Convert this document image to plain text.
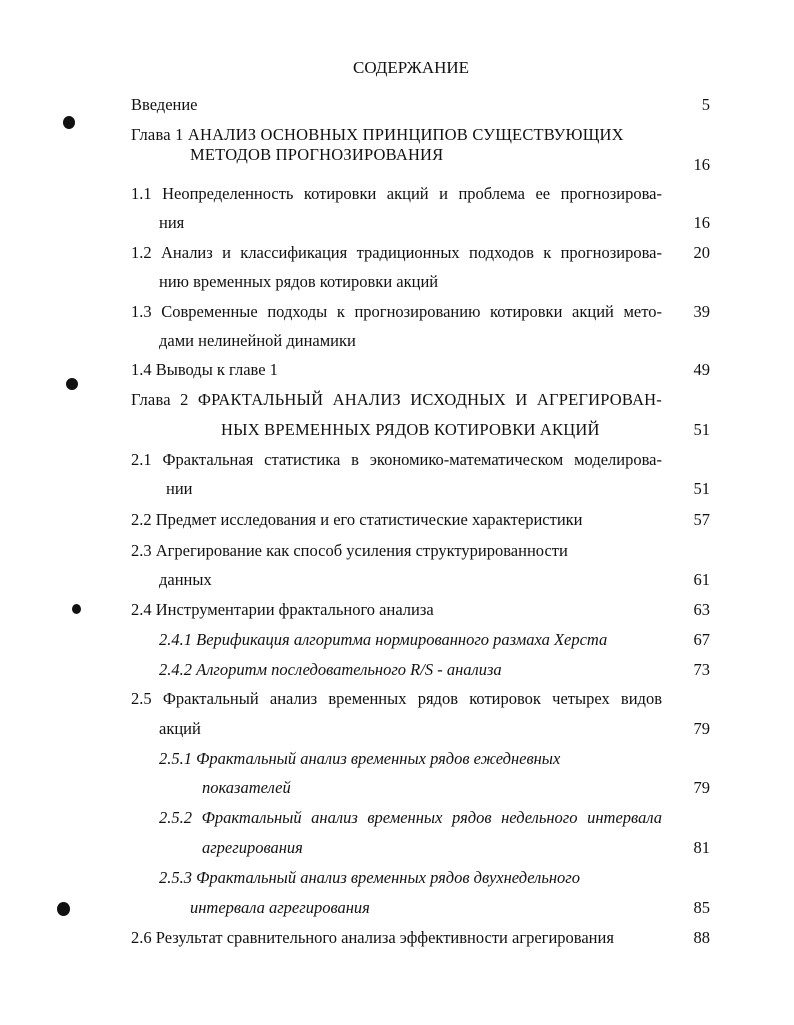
СОДЕРЖАНИЕ
Введение	5
Глава 1 АНАЛИЗ ОСНОВНЫХ ПРИНЦИПОВ СУЩЕСТВУЮЩИХ
МЕТОДОВ ПРОГНОЗИРОВАНИЯ
16
1.1 Неопределенность котировки акций и проблема ее прогнозирова-
ния	16
1.2 Анализ и классификация традиционных подходов к прогнозирова-	20
нию временных рядов котировки акций
1.3 Современные подходы к прогнозированию котировки акций мето-	39
дами нелинейной динамики
1.4 Выводы к главе 1	49
Глава 2 ФРАКТАЛЬНЫЙ АНАЛИЗ ИСХОДНЫХ И АГРЕГИРОВАН-
НЫХ ВРЕМЕННЫХ РЯДОВ КОТИРОВКИ АКЦИЙ	51
2.1 Фрактальная статистика в экономико-математическом моделирова-
нии	51
2.2 Предмет исследования и его статистические характеристики	57
2.3 Агрегирование как способ усиления структурированности
данных	61
2.4 Инструментарии фрактального анализа	63
2.4.1 Верификация алгоритма нормированного размаха Херста	67
2.4.2 Алгоритм последовательного R/S - анализа	73
2.5 Фрактальный анализ временных рядов котировок четырех видов
акций	79
2.5.1 Фрактальный анализ временных рядов ежедневных
показателей	79
2.5.2 Фрактальный анализ временных рядов недельного интервала
агрегирования	81
2.5.3 Фрактальный анализ временных рядов двухнедельного
интервала агрегирования	85
2.6 Результат сравнительного анализа эффективности агрегирования	88
